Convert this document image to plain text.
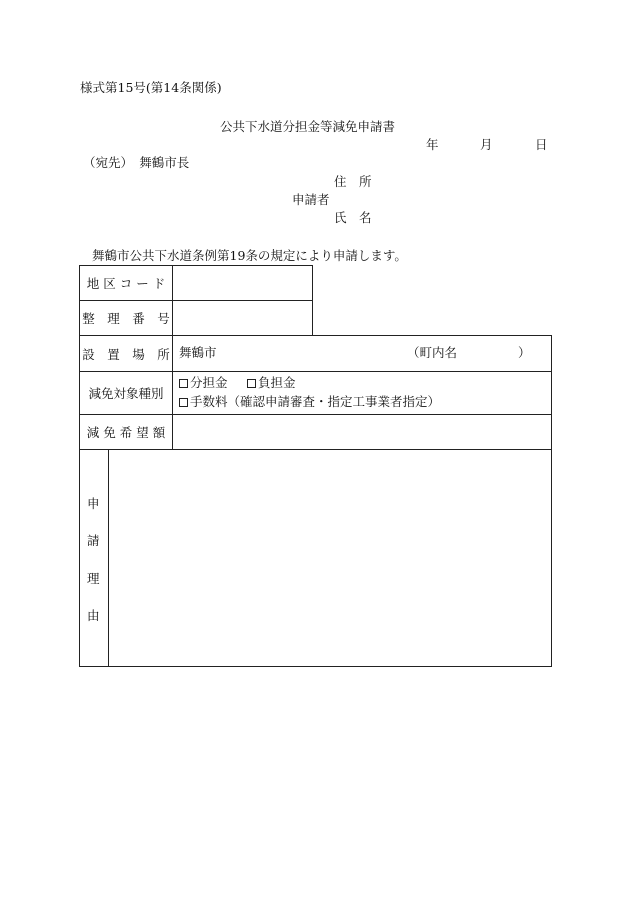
様式第15号(第14条関係)
公共下水道分担金等減免申請書
年	月	日
（宛先）　舞鶴市長
住　所
申請者
氏　名
舞鶴市公共下水道条例第19条の規定により申請します。
地 区 コ ー ド
整　理　番　号
設　置　場　所 舞鶴市	（町内名	）
減免対象種別
分担金	負担金
手数料（確認申請審査・指定工事業者指定）
減 免 希 望 額
申
請
理
由
